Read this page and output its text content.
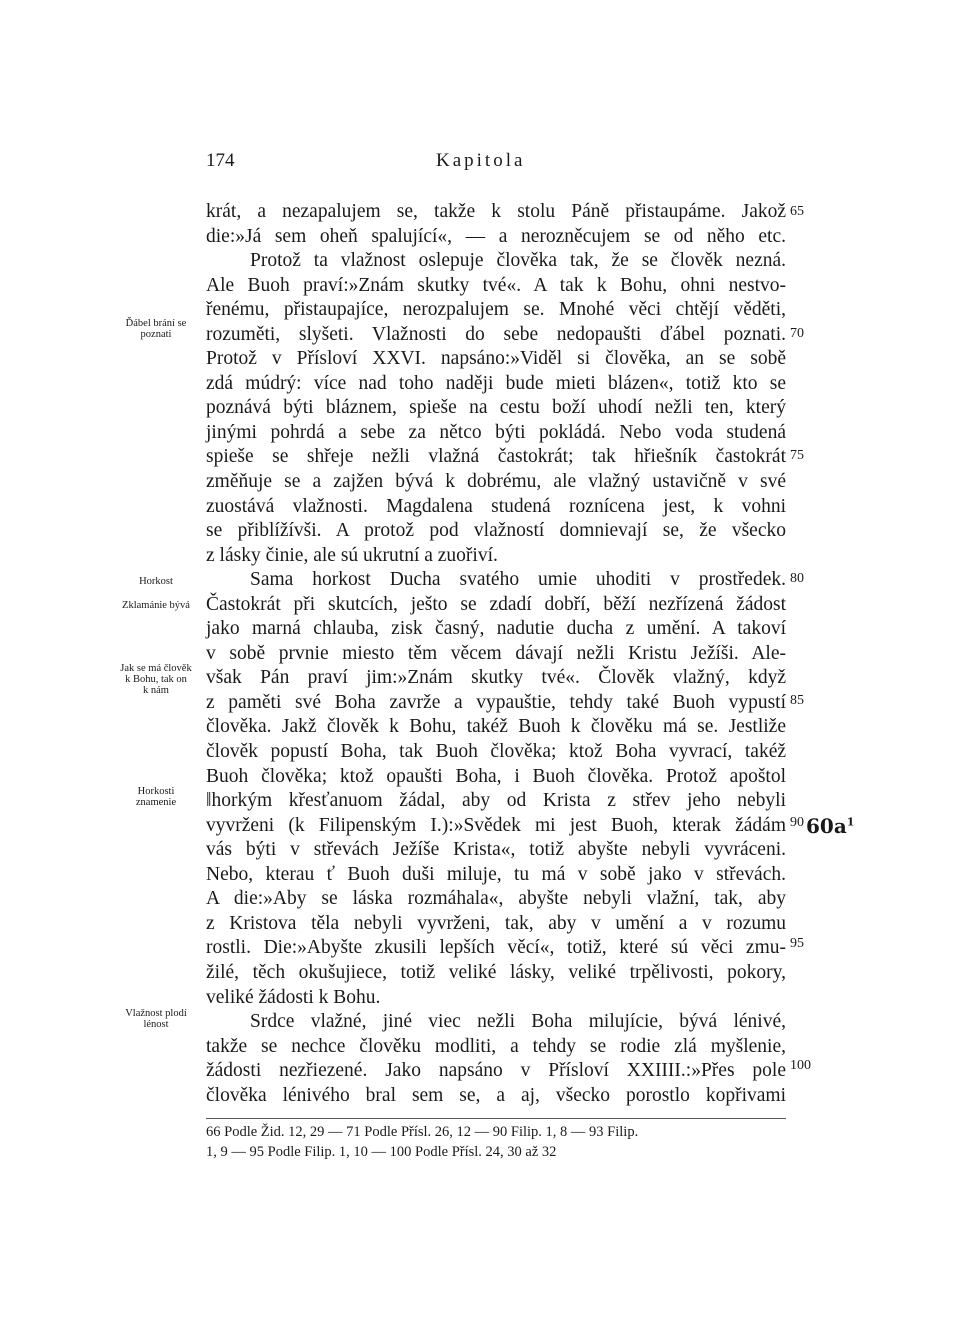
174	Kapitola
krát, a nezapalujem se, takže k stolu Páně přistaupáme. Jakož
die:»Já sem oheň spalující«, — a nerozněcujem se od něho etc.
Protož ta vlažnost oslepuje člověka tak, že se člověk nezná.
Ale Buoh praví:»Znám skutky tvé«. A tak k Bohu, ohni nestvo-
řenému, přistaupajíce, nerozpalujem se. Mnohé věci chtějí věděti,
rozuměti, slyšeti. Vlažnosti do sebe nedopaušti ďábel poznati.
Protož v Přísloví XXVI. napsáno:»Viděl si člověka, an se sobě
zdá múdrý: více nad toho naději bude mieti blázen«, totiž kto se
poznává býti bláznem, spieše na cestu boží uhodí nežli ten, který
jinými pohrdá a sebe za nětco býti pokládá. Nebo voda studená
spieše se shřeje nežli vlažná častokrát; tak hřiešník častokrát
změňuje se a zajžen bývá k dobrému, ale vlažný ustavičně v své
zuostává vlažnosti. Magdalena studená roznícena jest, k vohni
se přiblížívši. A protož pod vlažností domnievají se, že všecko
z lásky činie, ale sú ukrutní a zuořiví.
Sama horkost Ducha svatého umie uhoditi v prostředek.
Častokrát při skutcích, ješto se zdadí dobří, běží nezřízená žádost
jako marná chlauba, zisk časný, nadutie ducha z umění. A takoví
v sobě prvnie miesto těm věcem dávají nežli Kristu Ježíši. Ale-
však Pán praví jim:»Znám skutky tvé«. Člověk vlažný, když
z paměti své Boha zavrže a vypauštie, tehdy také Buoh vypustí
člověka. Jakž člověk k Bohu, takéž Buoh k člověku má se. Jestliže
člověk popustí Boha, tak Buoh člověka; ktož Boha vyvrací, takéž
Buoh člověka; ktož opaušti Boha, i Buoh člověka. Protož apoštol
‖horkým křesťanuom žádal, aby od Krista z střev jeho nebyli
vyvrženi (k Filipenským I.):»Svědek mi jest Buoh, kterak žádám
vás býti v střevách Ježíše Krista«, totiž abyšte nebyli vyvráceni.
Nebo, kterau ť Buoh duši miluje, tu má v sobě jako v střevách.
A die:»Aby se láska rozmáhala«, abyšte nebyli vlažní, tak, aby
z Kristova těla nebyli vyvrženi, tak, aby v umění a v rozumu
rostli. Die:»Abyšte zkusili lepších věcí«, totiž, které sú věci zmu-
žilé, těch okušujiece, totiž veliké lásky, veliké trpělivosti, pokory,
veliké žádosti k Bohu.
Srdce vlažné, jiné viec nežli Boha milujície, bývá lénivé,
takže se nechce člověku modliti, a tehdy se rodie zlá myšlenie,
žádosti nezřiezené. Jako napsáno v Přísloví XXIIII.:»Přes pole
člověka lénivého bral sem se, a aj, všecko porostlo kopřivami
Ďábel brání se
poznati
Horkost
Zklamánie bývá
Jak se má člověk
k Bohu, tak on
k nám
Horkosti
znamenie
Vlažnost plodí
lénost
65
70
75
80
85
90
95
100
$60a^1$
66 Podle Žid. 12, 29 — 71 Podle Přísl. 26, 12 — 90 Filip. 1, 8 — 93 Filip.
1, 9 — 95 Podle Filip. 1, 10 — 100 Podle Přísl. 24, 30 až 32
